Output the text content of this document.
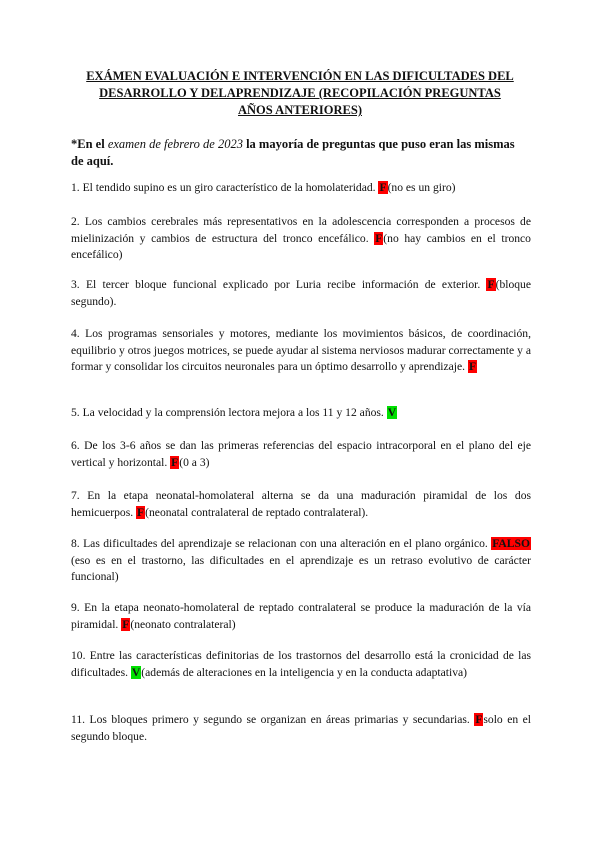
EXÁMEN EVALUACIÓN E INTERVENCIÓN EN LAS DIFICULTADES DEL
DESARROLLO Y DELAPRENDIZAJE (RECOPILACIÓN PREGUNTAS
AÑOS ANTERIORES)
*En el examen de febrero de 2023 la mayoría de preguntas que puso eran las mismas de aquí.
1. El tendido supino es un giro característico de la homolateridad. F(no es un giro)
2. Los cambios cerebrales más representativos en la adolescencia corresponden a procesos de mielinización y cambios de estructura del tronco encefálico. F(no hay cambios en el tronco encefálico)
3. El tercer bloque funcional explicado por Luria recibe información de exterior. F(bloque segundo).
4. Los programas sensoriales y motores, mediante los movimientos básicos, de coordinación, equilibrio y otros juegos motrices, se puede ayudar al sistema nerviosos madurar correctamente y a formar y consolidar los circuitos neuronales para un óptimo desarrollo y aprendizaje. F
5. La velocidad y la comprensión lectora mejora a los 11 y 12 años. V
6. De los 3-6 años se dan las primeras referencias del espacio intracorporal en el plano del eje vertical y horizontal. F(0 a 3)
7. En la etapa neonatal-homolateral alterna se da una maduración piramidal de los dos hemicuerpos. F(neonatal contralateral de reptado contralateral).
8. Las dificultades del aprendizaje se relacionan con una alteración en el plano orgánico. FALSO (eso es en el trastorno, las dificultades en el aprendizaje es un retraso evolutivo de carácter funcional)
9. En la etapa neonato-homolateral de reptado contralateral se produce la maduración de la vía piramidal. F(neonato contralateral)
10. Entre las características definitorias de los trastornos del desarrollo está la cronicidad de las dificultades. V(además de alteraciones en la inteligencia y en la conducta adaptativa)
11. Los bloques primero y segundo se organizan en áreas primarias y secundarias. Fsolo en el segundo bloque.
